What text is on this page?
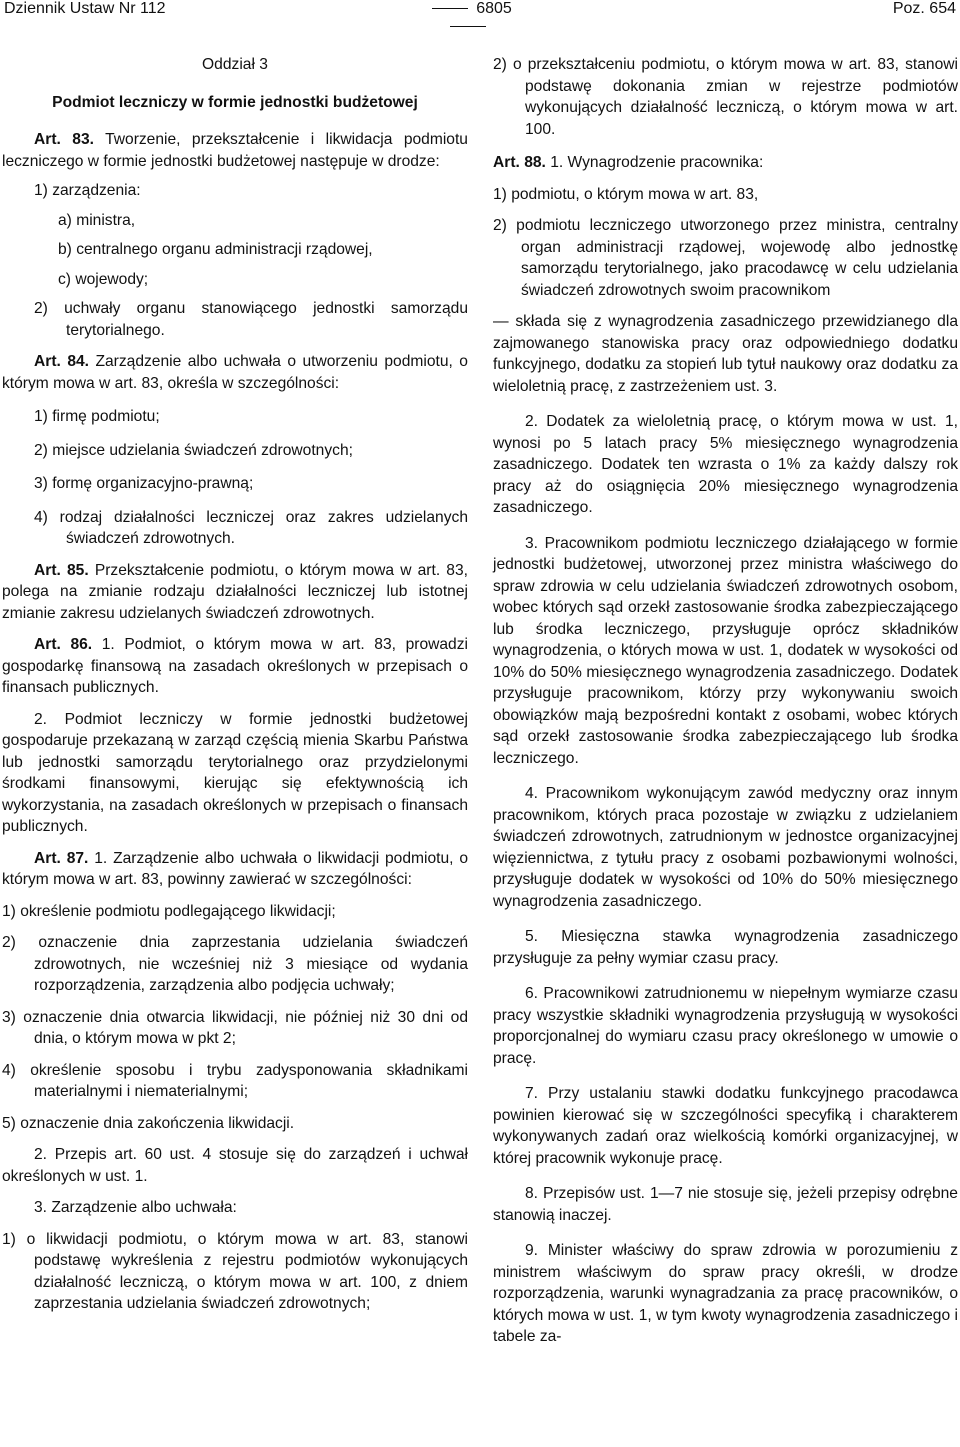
Dziennik Ustaw Nr 112	6805	Poz. 654

Oddział 3

Podmiot leczniczy w formie jednostki budżetowej

Art. 83. Tworzenie, przekształcenie i likwidacja podmiotu leczniczego w formie jednostki budżetowej następuje w drodze:

1) zarządzenia:

a) ministra,

b) centralnego organu administracji rządowej,

c) wojewody;

2) uchwały organu stanowiącego jednostki samorządu terytorialnego.

Art. 84. Zarządzenie albo uchwała o utworzeniu podmiotu, o którym mowa w art. 83, określa w szczególności:

1) firmę podmiotu;

2) miejsce udzielania świadczeń zdrowotnych;

3) formę organizacyjno-prawną;

4) rodzaj działalności leczniczej oraz zakres udzielanych świadczeń zdrowotnych.

Art. 85. Przekształcenie podmiotu, o którym mowa w art. 83, polega na zmianie rodzaju działalności leczniczej lub istotnej zmianie zakresu udzielanych świadczeń zdrowotnych.

Art. 86. 1. Podmiot, o którym mowa w art. 83, prowadzi gospodarkę finansową na zasadach określonych w przepisach o finansach publicznych.

2. Podmiot leczniczy w formie jednostki budżetowej gospodaruje przekazaną w zarząd częścią mienia Skarbu Państwa lub jednostki samorządu terytorialnego oraz przydzielonymi środkami finansowymi, kierując się efektywnością ich wykorzystania, na zasadach określonych w przepisach o finansach publicznych.

Art. 87. 1. Zarządzenie albo uchwała o likwidacji podmiotu, o którym mowa w art. 83, powinny zawierać w szczególności:

1) określenie podmiotu podlegającego likwidacji;

2) oznaczenie dnia zaprzestania udzielania świadczeń zdrowotnych, nie wcześniej niż 3 miesiące od wydania rozporządzenia, zarządzenia albo podjęcia uchwały;

3) oznaczenie dnia otwarcia likwidacji, nie później niż 30 dni od dnia, o którym mowa w pkt 2;

4) określenie sposobu i trybu zadysponowania składnikami materialnymi i niematerialnymi;

5) oznaczenie dnia zakończenia likwidacji.

2. Przepis art. 60 ust. 4 stosuje się do zarządzeń i uchwał określonych w ust. 1.

3. Zarządzenie albo uchwała:

1) o likwidacji podmiotu, o którym mowa w art. 83, stanowi podstawę wykreślenia z rejestru podmiotów wykonujących działalność leczniczą, o którym mowa w art. 100, z dniem zaprzestania udzielania świadczeń zdrowotnych;

2) o przekształceniu podmiotu, o którym mowa w art. 83, stanowi podstawę dokonania zmian w rejestrze podmiotów wykonujących działalność leczniczą, o którym mowa w art. 100.

Art. 88. 1. Wynagrodzenie pracownika:

1) podmiotu, o którym mowa w art. 83,

2) podmiotu leczniczego utworzonego przez ministra, centralny organ administracji rządowej, wojewodę albo jednostkę samorządu terytorialnego, jako pracodawcę w celu udzielania świadczeń zdrowotnych swoim pracownikom

— składa się z wynagrodzenia zasadniczego przewidzianego dla zajmowanego stanowiska pracy oraz odpowiedniego dodatku funkcyjnego, dodatku za stopień lub tytuł naukowy oraz dodatku za wieloletnią pracę, z zastrzeżeniem ust. 3.

2. Dodatek za wieloletnią pracę, o którym mowa w ust. 1, wynosi po 5 latach pracy 5% miesięcznego wynagrodzenia zasadniczego. Dodatek ten wzrasta o 1% za każdy dalszy rok pracy aż do osiągnięcia 20% miesięcznego wynagrodzenia zasadniczego.

3. Pracownikom podmiotu leczniczego działającego w formie jednostki budżetowej, utworzonej przez ministra właściwego do spraw zdrowia w celu udzielania świadczeń zdrowotnych osobom, wobec których sąd orzekł zastosowanie środka zabezpieczającego lub środka leczniczego, przysługuje oprócz składników wynagrodzenia, o których mowa w ust. 1, dodatek w wysokości od 10% do 50% miesięcznego wynagrodzenia zasadniczego. Dodatek przysługuje pracownikom, którzy przy wykonywaniu swoich obowiązków mają bezpośredni kontakt z osobami, wobec których sąd orzekł zastosowanie środka zabezpieczającego lub środka leczniczego.

4. Pracownikom wykonującym zawód medyczny oraz innym pracownikom, których praca pozostaje w związku z udzielaniem świadczeń zdrowotnych, zatrudnionym w jednostce organizacyjnej więziennictwa, z tytułu pracy z osobami pozbawionymi wolności, przysługuje dodatek w wysokości od 10% do 50% miesięcznego wynagrodzenia zasadniczego.

5. Miesięczna stawka wynagrodzenia zasadniczego przysługuje za pełny wymiar czasu pracy.

6. Pracownikowi zatrudnionemu w niepełnym wymiarze czasu pracy wszystkie składniki wynagrodzenia przysługują w wysokości proporcjonalnej do wymiaru czasu pracy określonego w umowie o pracę.

7. Przy ustalaniu stawki dodatku funkcyjnego pracodawca powinien kierować się w szczególności specyfiką i charakterem wykonywanych zadań oraz wielkością komórki organizacyjnej, w której pracownik wykonuje pracę.

8. Przepisów ust. 1—7 nie stosuje się, jeżeli przepisy odrębne stanowią inaczej.

9. Minister właściwy do spraw zdrowia w porozumieniu z ministrem właściwym do spraw pracy określi, w drodze rozporządzenia, warunki wynagradzania za pracę pracowników, o których mowa w ust. 1, w tym kwoty wynagrodzenia zasadniczego i tabele za-
